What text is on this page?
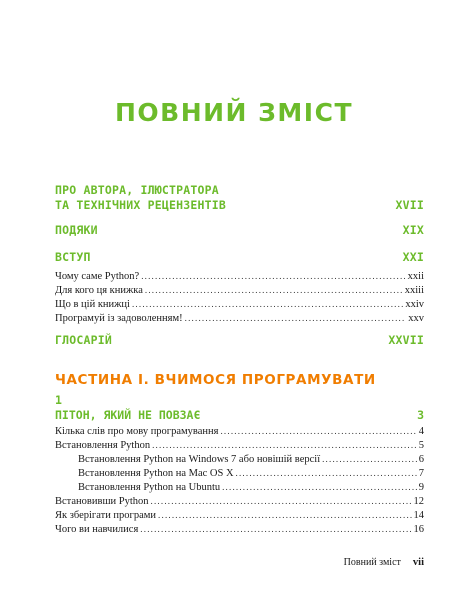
ПОВНИЙ ЗМІСТ
ПРО АВТОРА, ІЛЮСТРАТОРА
ТА ТЕХНІЧНИХ РЕЦЕНЗЕНТІВ	XVII
ПОДЯКИ	XIX
ВСТУП	XXI
Чому саме Python? .....	xxii
Для кого ця книжка .....	xxiii
Що в цій книжці .....	xxiv
Програмуй із задоволенням! .....	xxv
ГЛОСАРІЙ	XXVII
ЧАСТИНА I. ВЧИМОСЯ ПРОГРАМУВАТИ
1
ПІТОН, ЯКИЙ НЕ ПОВЗАЄ	3
Кілька слів про мову програмування .....	4
Встановлення Python .....	5
Встановлення Python на Windows 7 або новішій версії .....	6
Встановлення Python на Mac OS X .....	7
Встановлення Python на Ubuntu .....	9
Встановивши Python .....	12
Як зберігати програми .....	14
Чого ви навчилися .....	16
Повний зміст vii
